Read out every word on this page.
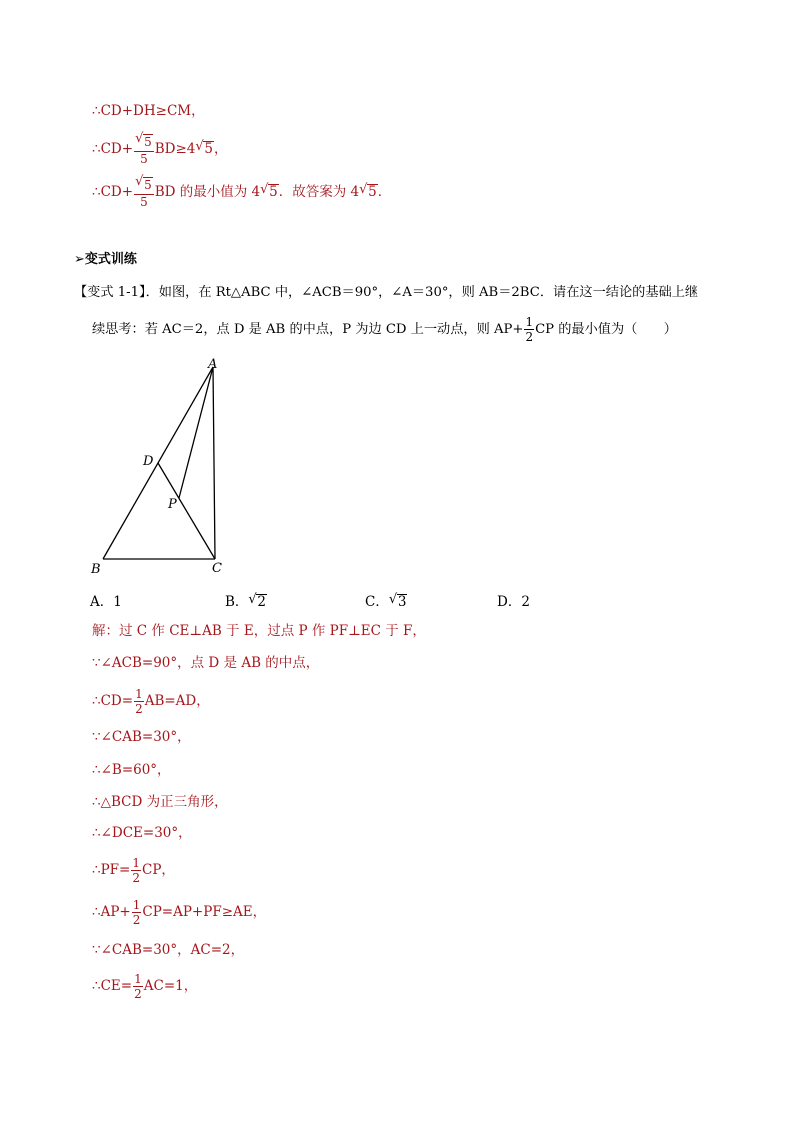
∴CD+DH≥CM，
∴CD+ $\frac{√ 5}{5} BD\ge 4$ √ 5，
∴CD+ $\frac{√ 5}{5}$ BD 的最小值为 4 √ 5．故答案为 4 √ 5．
➢变式训练
【变式 1-1】．如图，在 Rt△ABC 中，∠ACB＝90°，∠A＝30°，则 AB＝2BC．请在这一结论的基础上继
续思考：若 AC＝2，点 D 是 AB 的中点，P 为边 CD 上一动点，则 $AP+ \frac{1}{2}$ CP 的最小值为（　　）
A
B	C
D
P
A．1	B． √ 2	C． √ 3	D．2
解：过 C 作 CE⊥AB 于 E，过点 P 作 PF⊥EC 于 F，
∵∠ACB=90°，点 D 是 AB 的中点，
∴CD= $\frac{1}{2} AB=AD$，
∵∠CAB=30°，
∴∠B=60°，
∴△BCD 为正三角形，
∴∠DCE=30°，
∴PF= $\frac{1}{2}$ CP，
∴AP+ $\frac{1}{2} CP=AP+PF\ge AE$，
∵∠CAB=30°，AC=2，
∴CE= $\frac{1}{2} AC=1$，
